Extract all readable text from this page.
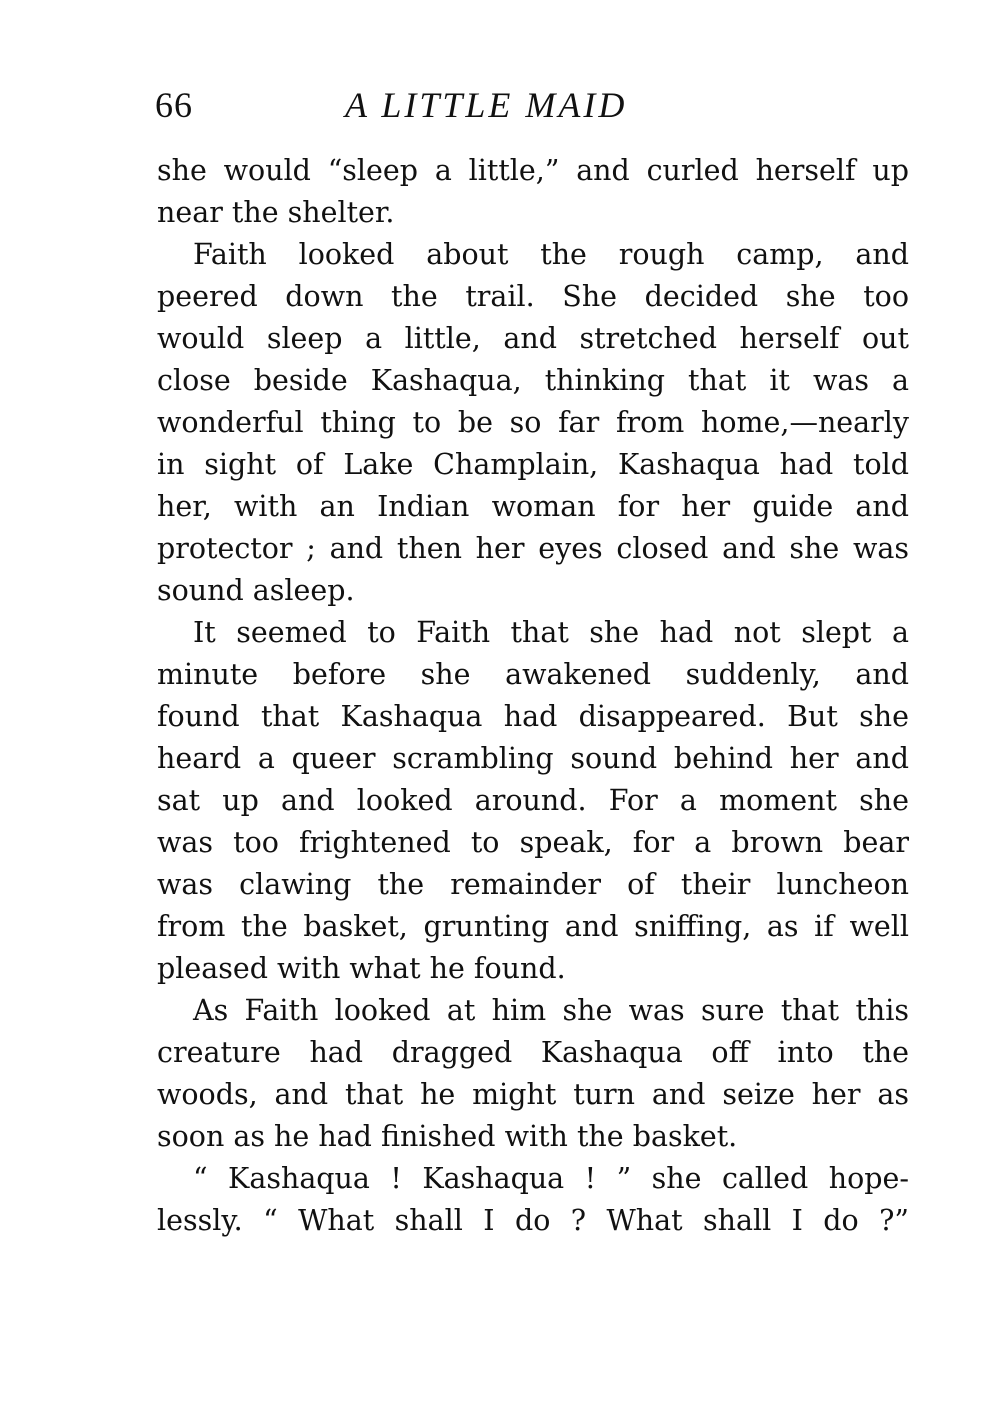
66	A LITTLE MAID
she would “sleep a little,” and curled herself up
near the shelter.
Faith looked about the rough camp, and
peered down the trail. She decided she too
would sleep a little, and stretched herself out
close beside Kashaqua, thinking that it was a
wonderful thing to be so far from home,—nearly
in sight of Lake Champlain, Kashaqua had told
her, with an Indian woman for her guide and
protector ; and then her eyes closed and she was
sound asleep.
It seemed to Faith that she had not slept a
minute before she awakened suddenly, and
found that Kashaqua had disappeared. But she
heard a queer scrambling sound behind her and
sat up and looked around. For a moment she
was too frightened to speak, for a brown bear
was clawing the remainder of their luncheon
from the basket, grunting and sniffing, as if well
pleased with what he found.
As Faith looked at him she was sure that this
creature had dragged Kashaqua off into the
woods, and that he might turn and seize her as
soon as he had finished with the basket.
“ Kashaqua ! Kashaqua ! ” she called hope-
lessly. “ What shall I do ? What shall I do ?”
